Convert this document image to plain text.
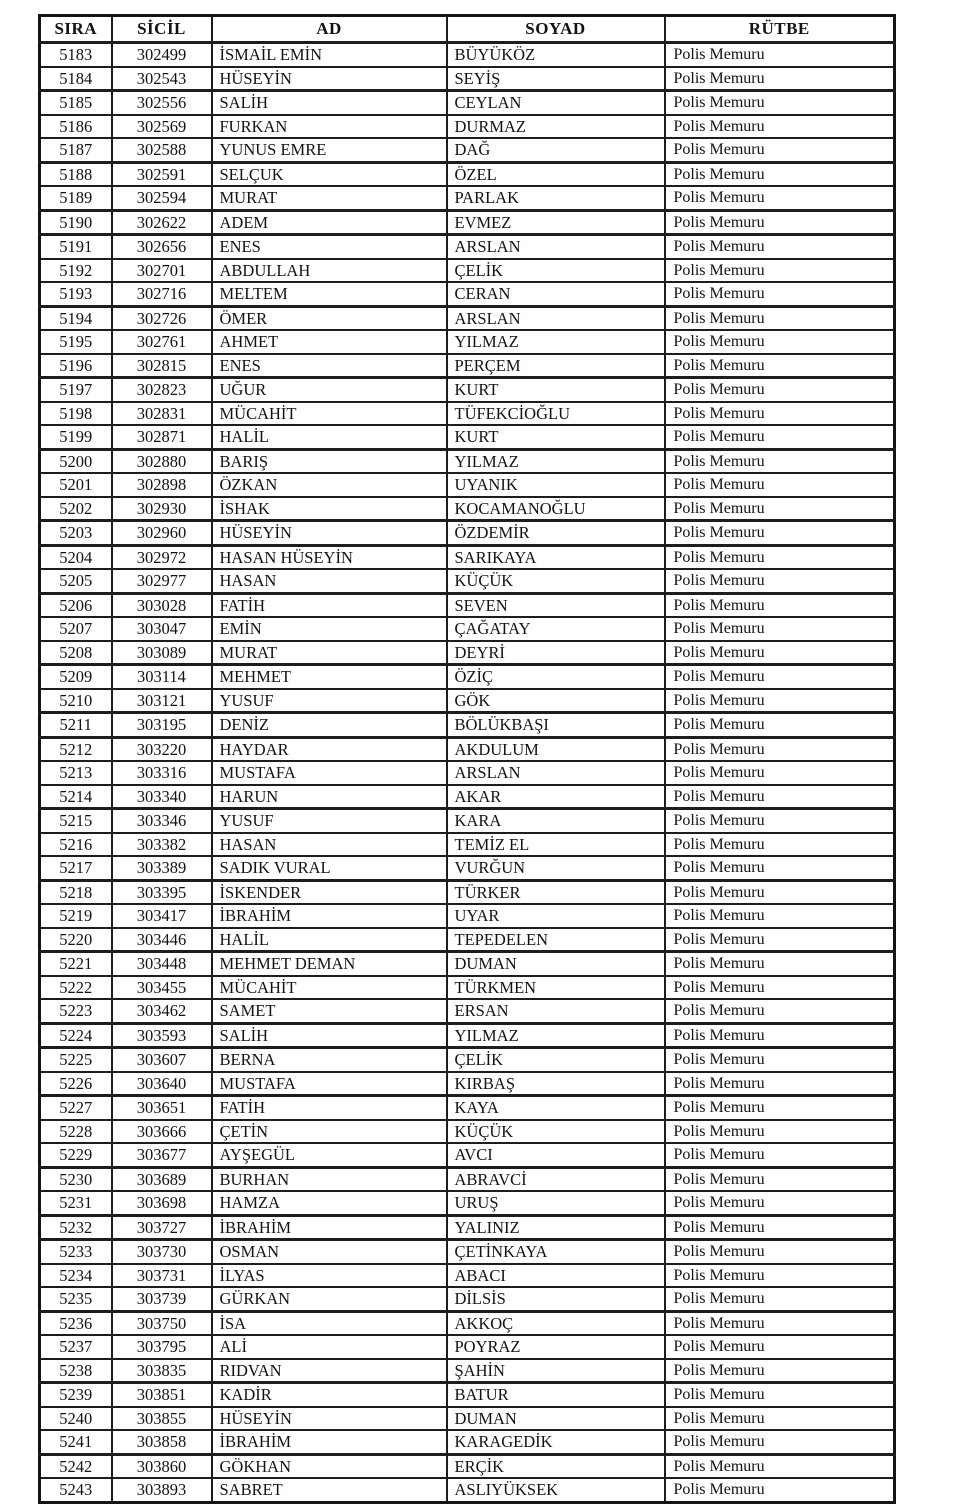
SIRA	SİCİL	AD	SOYAD	RÜTBE
5183	302499	İSMAİL EMİN	BÜYÜKÖZ	Polis Memuru
5184	302543	HÜSEYİN	SEYİŞ	Polis Memuru
5185	302556	SALİH	CEYLAN	Polis Memuru
5186	302569	FURKAN	DURMAZ	Polis Memuru
5187	302588	YUNUS EMRE	DAĞ	Polis Memuru
5188	302591	SELÇUK	ÖZEL	Polis Memuru
5189	302594	MURAT	PARLAK	Polis Memuru
5190	302622	ADEM	EVMEZ	Polis Memuru
5191	302656	ENES	ARSLAN	Polis Memuru
5192	302701	ABDULLAH	ÇELİK	Polis Memuru
5193	302716	MELTEM	CERAN	Polis Memuru
5194	302726	ÖMER	ARSLAN	Polis Memuru
5195	302761	AHMET	YILMAZ	Polis Memuru
5196	302815	ENES	PERÇEM	Polis Memuru
5197	302823	UĞUR	KURT	Polis Memuru
5198	302831	MÜCAHİT	TÜFEKCİOĞLU	Polis Memuru
5199	302871	HALİL	KURT	Polis Memuru
5200	302880	BARIŞ	YILMAZ	Polis Memuru
5201	302898	ÖZKAN	UYANIK	Polis Memuru
5202	302930	İSHAK	KOCAMANOĞLU	Polis Memuru
5203	302960	HÜSEYİN	ÖZDEMİR	Polis Memuru
5204	302972	HASAN HÜSEYİN	SARIKAYA	Polis Memuru
5205	302977	HASAN	KÜÇÜK	Polis Memuru
5206	303028	FATİH	SEVEN	Polis Memuru
5207	303047	EMİN	ÇAĞATAY	Polis Memuru
5208	303089	MURAT	DEYRİ	Polis Memuru
5209	303114	MEHMET	ÖZİÇ	Polis Memuru
5210	303121	YUSUF	GÖK	Polis Memuru
5211	303195	DENİZ	BÖLÜKBAŞI	Polis Memuru
5212	303220	HAYDAR	AKDULUM	Polis Memuru
5213	303316	MUSTAFA	ARSLAN	Polis Memuru
5214	303340	HARUN	AKAR	Polis Memuru
5215	303346	YUSUF	KARA	Polis Memuru
5216	303382	HASAN	TEMİZ EL	Polis Memuru
5217	303389	SADIK VURAL	VURĞUN	Polis Memuru
5218	303395	İSKENDER	TÜRKER	Polis Memuru
5219	303417	İBRAHİM	UYAR	Polis Memuru
5220	303446	HALİL	TEPEDELEN	Polis Memuru
5221	303448	MEHMET DEMAN	DUMAN	Polis Memuru
5222	303455	MÜCAHİT	TÜRKMEN	Polis Memuru
5223	303462	SAMET	ERSAN	Polis Memuru
5224	303593	SALİH	YILMAZ	Polis Memuru
5225	303607	BERNA	ÇELİK	Polis Memuru
5226	303640	MUSTAFA	KIRBAŞ	Polis Memuru
5227	303651	FATİH	KAYA	Polis Memuru
5228	303666	ÇETİN	KÜÇÜK	Polis Memuru
5229	303677	AYŞEGÜL	AVCI	Polis Memuru
5230	303689	BURHAN	ABRAVCİ	Polis Memuru
5231	303698	HAMZA	URUŞ	Polis Memuru
5232	303727	İBRAHİM	YALINIZ	Polis Memuru
5233	303730	OSMAN	ÇETİNKAYA	Polis Memuru
5234	303731	İLYAS	ABACI	Polis Memuru
5235	303739	GÜRKAN	DİLSİS	Polis Memuru
5236	303750	İSA	AKKOÇ	Polis Memuru
5237	303795	ALİ	POYRAZ	Polis Memuru
5238	303835	RIDVAN	ŞAHİN	Polis Memuru
5239	303851	KADİR	BATUR	Polis Memuru
5240	303855	HÜSEYİN	DUMAN	Polis Memuru
5241	303858	İBRAHİM	KARAGEDİK	Polis Memuru
5242	303860	GÖKHAN	ERÇİK	Polis Memuru
5243	303893	SABRET	ASLIYÜKSEK	Polis Memuru
